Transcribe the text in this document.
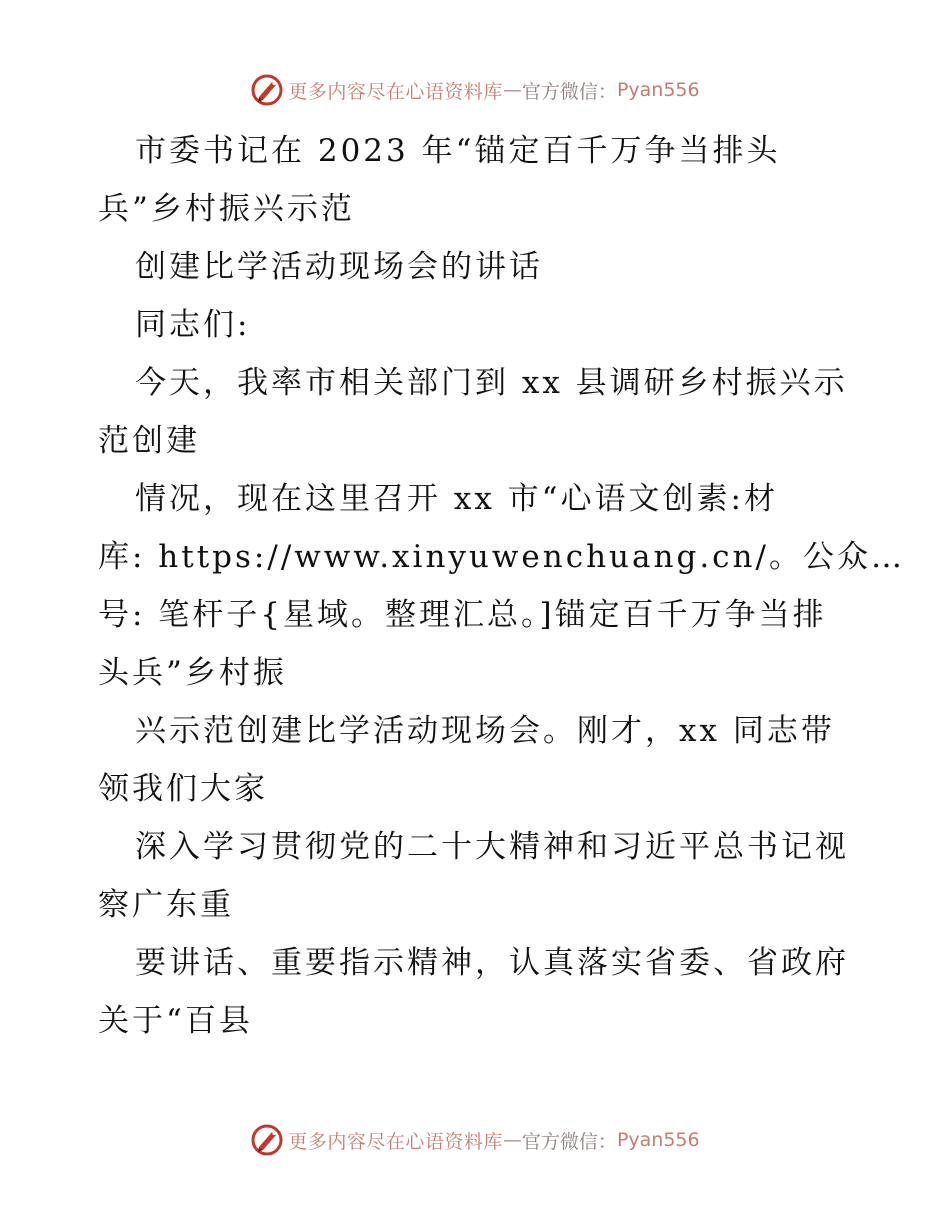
更多内容尽在心语资料库 — 官方微信： Pyan556
市委书记在 2023 年“锚定百千万争当排头
兵”乡村振兴示范
创建比学活动现场会的讲话
同志们:
今天，我率市相关部门到 xx 县调研乡村振兴示
范创建
情况，现在这里召开 xx 市“心语文创素:材
库: https://www.xinyuwenchuang.cn/。公众…
号: 笔杆子{星域。整理汇总。]锚定百千万争当排
头兵”乡村振
兴示范创建比学活动现场会。刚才，xx 同志带
领我们大家
深入学习贯彻党的二十大精神和习近平总书记视
察广东重
要讲话、重要指示精神，认真落实省委、省政府
关于“百县
更多内容尽在心语资料库 — 官方微信： Pyan556
